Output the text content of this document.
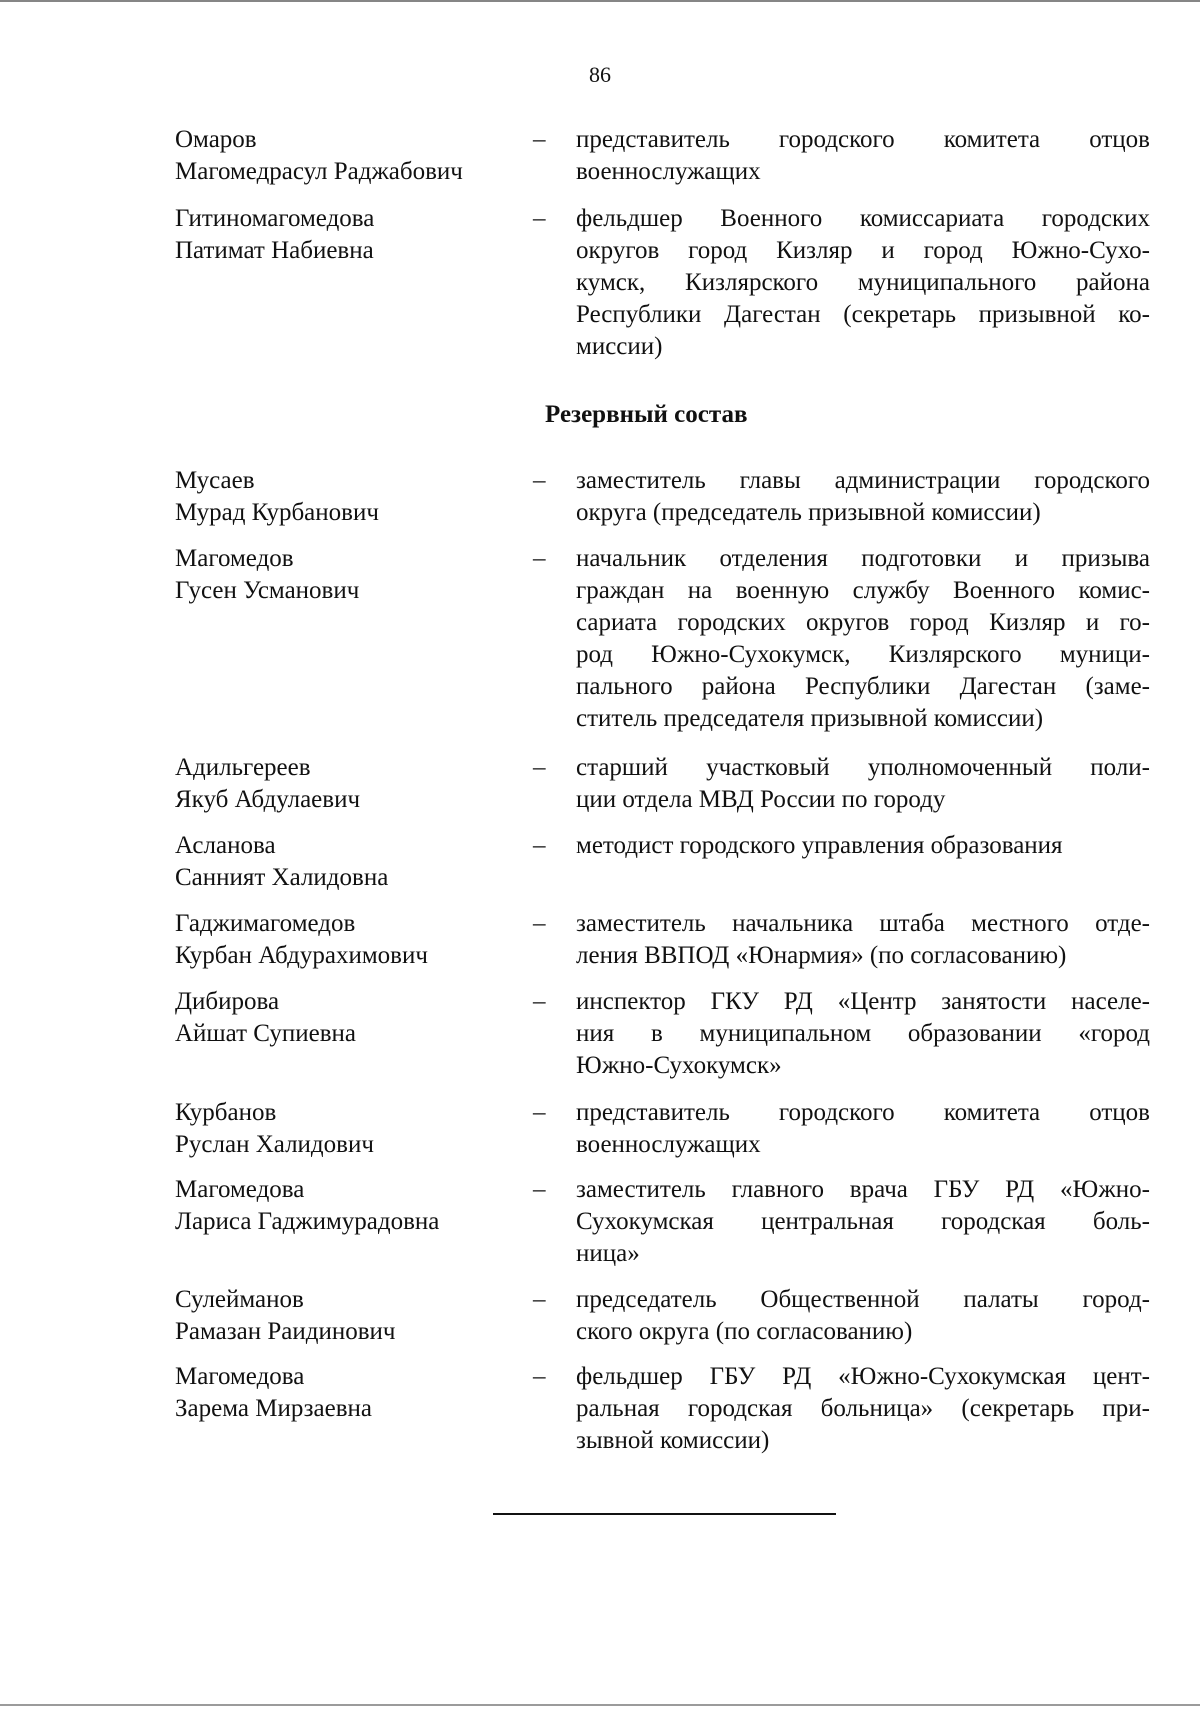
86
Омаров
Магомедрасул Раджабович
– представитель городского комитета отцов
военнослужащих
Гитиномагомедова
Патимат Набиевна
– фельдшер Военного комиссариата городских
округов город Кизляр и город Южно-Сухо-
кумск, Кизлярского муниципального района
Республики Дагестан (секретарь призывной ко-
миссии)
Резервный состав
Мусаев
Мурад Курбанович
– заместитель главы администрации городского
округа (председатель призывной комиссии)
Магомедов
Гусен Усманович
– начальник отделения подготовки и призыва
граждан на военную службу Военного комис-
сариата городских округов город Кизляр и го-
род Южно-Сухокумск, Кизлярского муници-
пального района Республики Дагестан (заме-
ститель председателя призывной комиссии)
Адильгереев
Якуб Абдулаевич
– старший участковый уполномоченный поли-
ции отдела МВД России по городу
Асланова
Санният Халидовна
– методист городского управления образования
Гаджимагомедов
Курбан Абдурахимович
– заместитель начальника штаба местного отде-
ления ВВПОД «Юнармия» (по согласованию)
Дибирова
Айшат Супиевна
– инспектор ГКУ РД «Центр занятости населе-
ния в муниципальном образовании «город
Южно-Сухокумск»
Курбанов
Руслан Халидович
– представитель городского комитета отцов
военнослужащих
Магомедова
Лариса Гаджимурадовна
– заместитель главного врача ГБУ РД «Южно-
Сухокумская центральная городская боль-
ница»
Сулейманов
Рамазан Раидинович
– председатель Общественной палаты город-
ского округа (по согласованию)
Магомедова
Зарема Мирзаевна
– фельдшер ГБУ РД «Южно-Сухокумская цент-
ральная городская больница» (секретарь при-
зывной комиссии)
